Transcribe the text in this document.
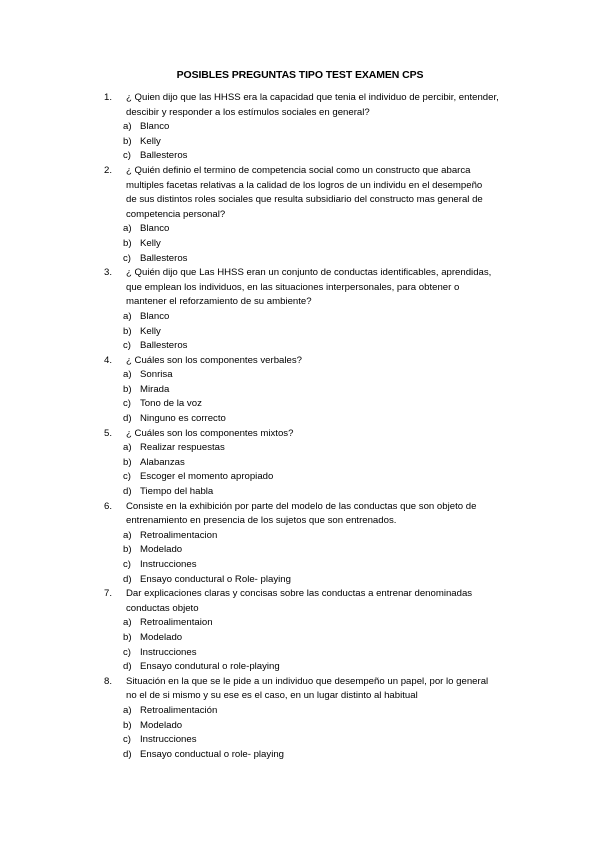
POSIBLES PREGUNTAS TIPO TEST EXAMEN CPS
1. ¿ Quien dijo que las HHSS era la capacidad que tenia el individuo de percibir, entender,
descibir y responder a los estímulos sociales en general?
a) Blanco
b) Kelly
c) Ballesteros
2. ¿ Quién definio el termino de competencia social como un constructo que abarca
multiples facetas relativas a la calidad de los logros de un individu en el desempeño
de sus distintos roles sociales que resulta subsidiario del constructo mas general de
competencia personal?
a) Blanco
b) Kelly
c) Ballesteros
3. ¿ Quién dijo que Las HHSS eran un conjunto de conductas identificables, aprendidas,
que emplean los individuos, en las situaciones interpersonales, para obtener o
mantener el reforzamiento de su ambiente?
a) Blanco
b) Kelly
c) Ballesteros
4. ¿ Cuáles son los componentes verbales?
a) Sonrisa
b) Mirada
c) Tono de la voz
d) Ninguno es correcto
5. ¿ Cuáles son los componentes mixtos?
a) Realizar respuestas
b) Alabanzas
c) Escoger el momento apropiado
d) Tiempo del habla
6. Consiste en la exhibición por parte del modelo de las conductas que son objeto de
entrenamiento en presencia de los sujetos que son entrenados.
a) Retroalimentacion
b) Modelado
c) Instrucciones
d) Ensayo conductural o Role- playing
7. Dar explicaciones claras y concisas sobre las conductas a entrenar denominadas
conductas objeto
a) Retroalimentaion
b) Modelado
c) Instrucciones
d) Ensayo condutural o role-playing
8. Situación en la que se le pide a un individuo que desempeño un papel, por lo general
no el de si mismo y su ese es el caso, en un lugar distinto al habitual
a) Retroalimentación
b) Modelado
c) Instrucciones
d) Ensayo conductual o role- playing
